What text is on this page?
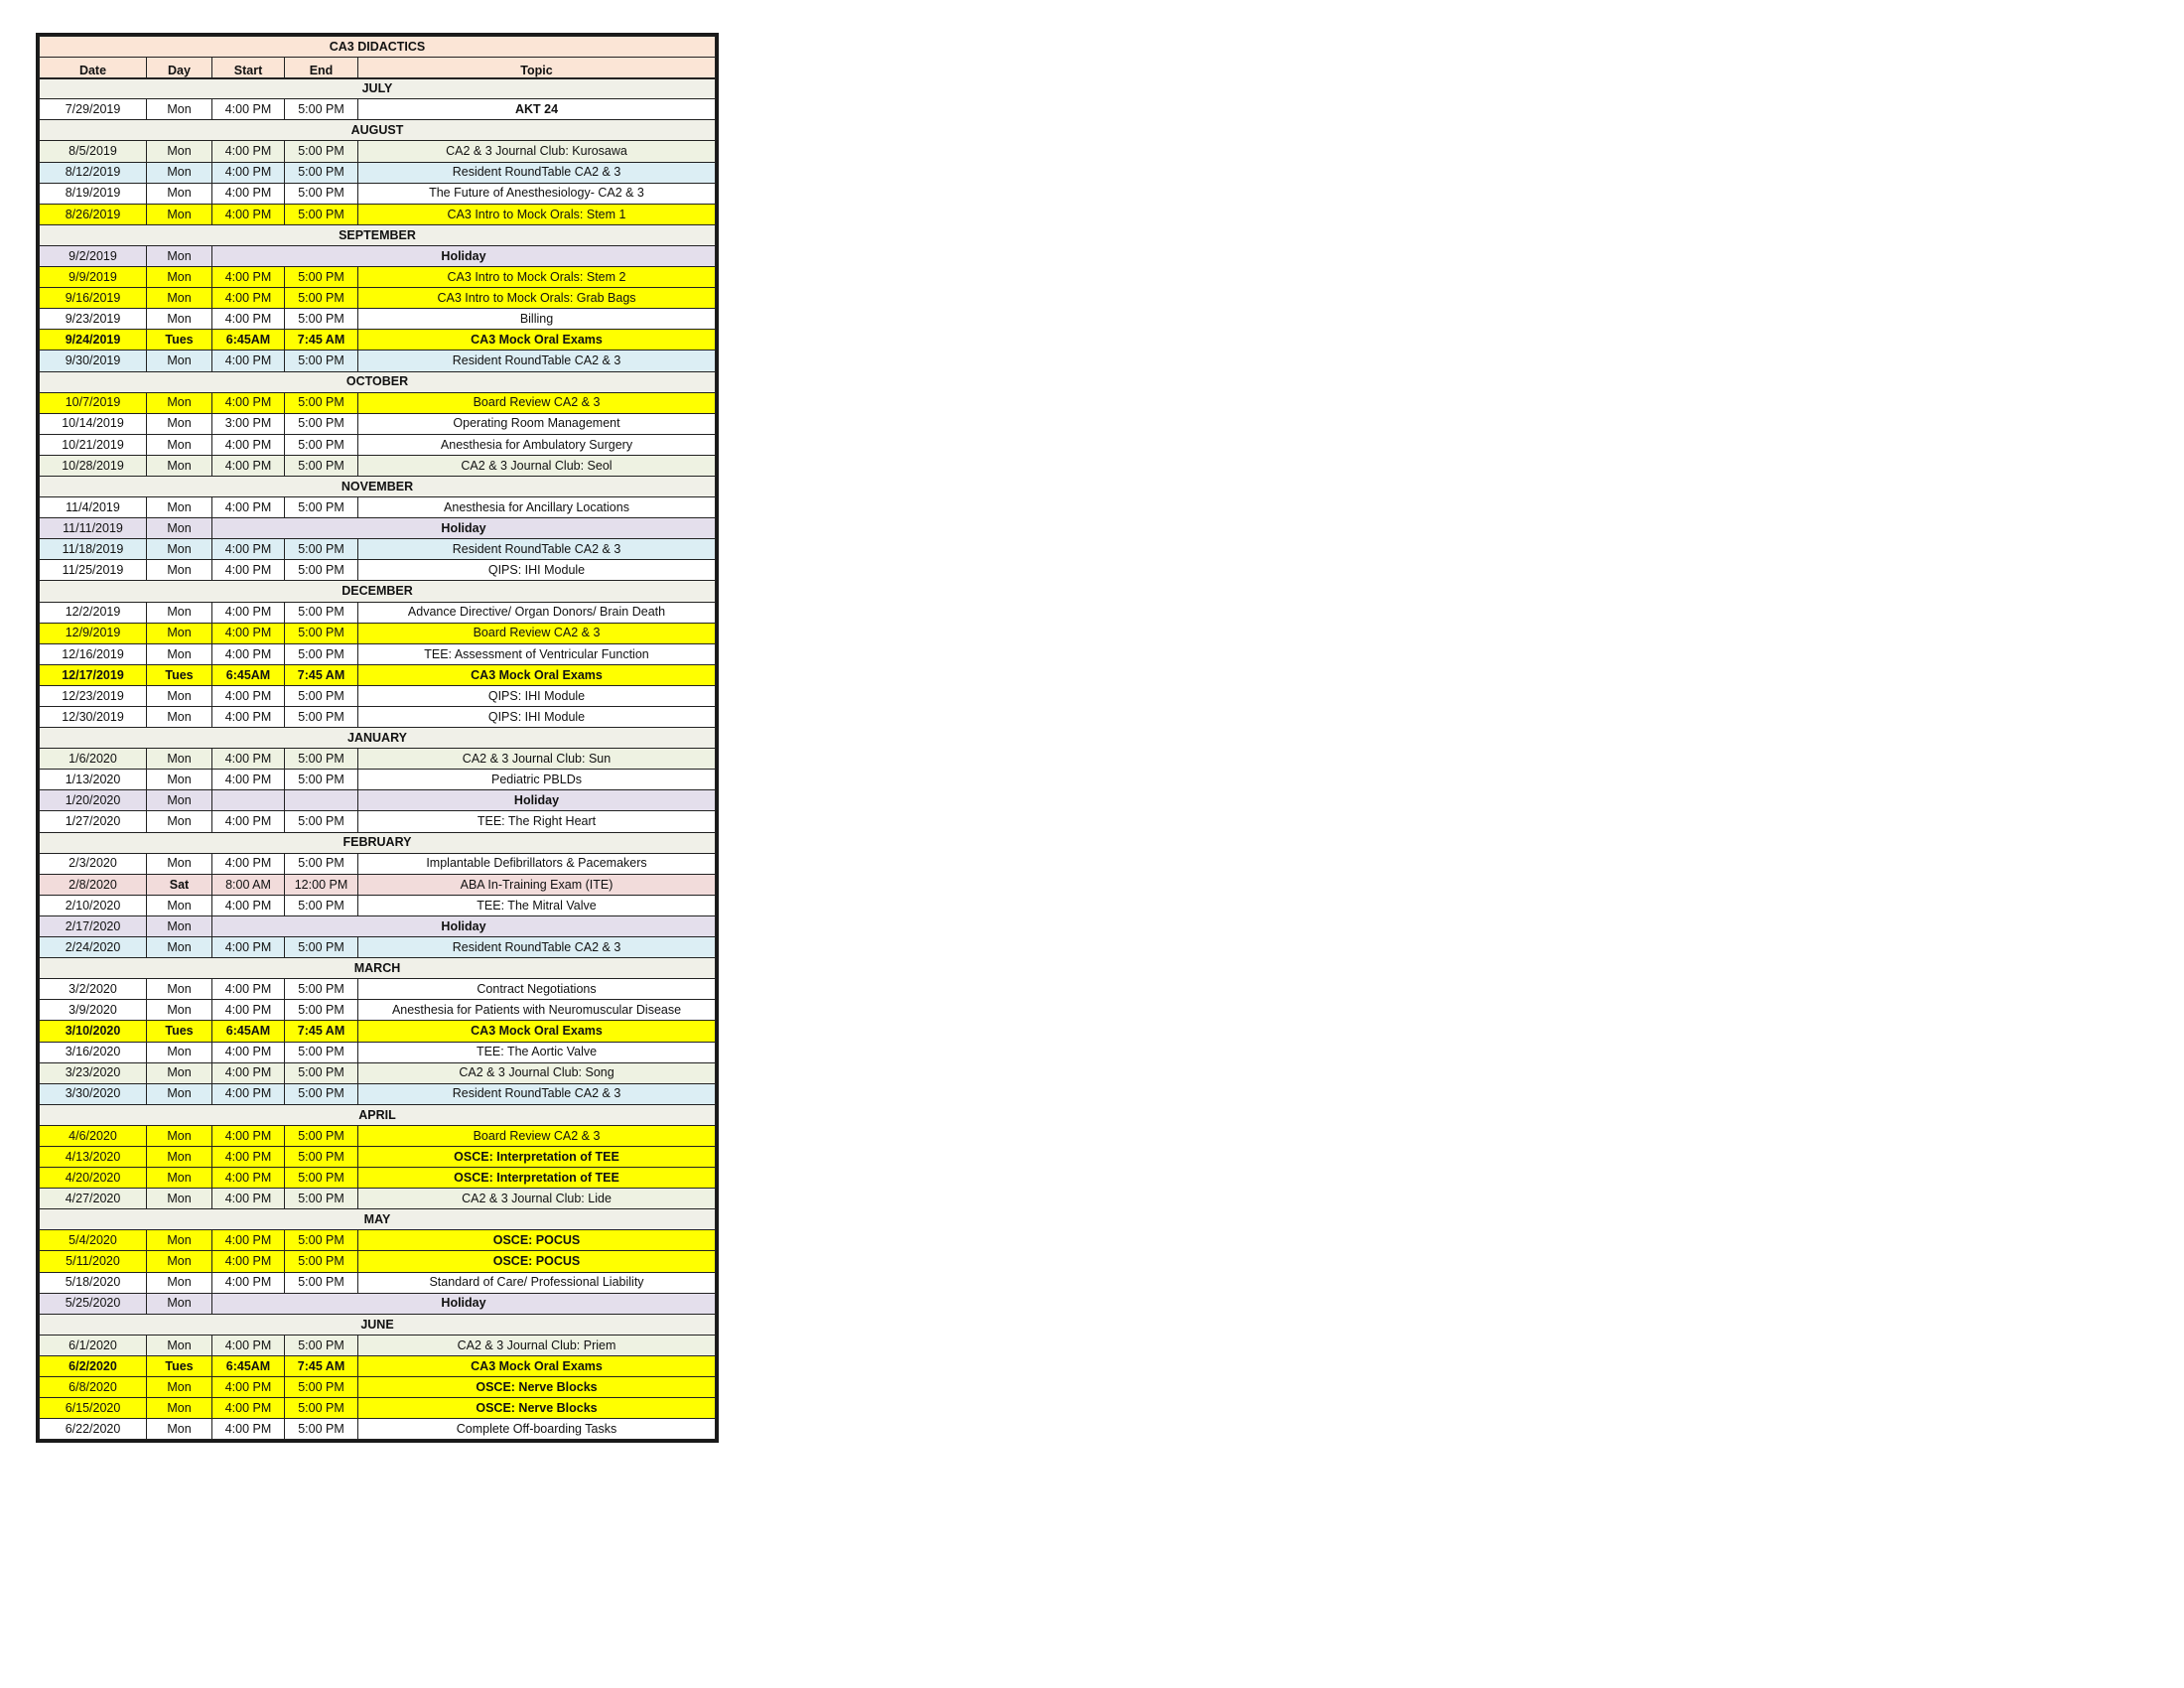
CA3 DIDACTICS				
Date	Day	Start	End	Topic
JULY				
7/29/2019	Mon	4:00 PM	5:00 PM	AKT 24
AUGUST				
8/5/2019	Mon	4:00 PM	5:00 PM	CA2 & 3 Journal Club: Kurosawa
8/12/2019	Mon	4:00 PM	5:00 PM	Resident RoundTable CA2 & 3
8/19/2019	Mon	4:00 PM	5:00 PM	The Future of Anesthesiology- CA2 & 3
8/26/2019	Mon	4:00 PM	5:00 PM	CA3 Intro to Mock Orals: Stem 1
SEPTEMBER				
9/2/2019	Mon	Holiday		
9/9/2019	Mon	4:00 PM	5:00 PM	CA3 Intro to Mock Orals: Stem 2
9/16/2019	Mon	4:00 PM	5:00 PM	CA3 Intro to Mock Orals: Grab Bags
9/23/2019	Mon	4:00 PM	5:00 PM	Billing
9/24/2019	Tues	6:45AM	7:45 AM	CA3 Mock Oral Exams
9/30/2019	Mon	4:00 PM	5:00 PM	Resident RoundTable CA2 & 3
OCTOBER				
10/7/2019	Mon	4:00 PM	5:00 PM	Board Review CA2 & 3
10/14/2019	Mon	3:00 PM	5:00 PM	Operating Room Management
10/21/2019	Mon	4:00 PM	5:00 PM	Anesthesia for Ambulatory Surgery
10/28/2019	Mon	4:00 PM	5:00 PM	CA2 & 3 Journal Club: Seol
NOVEMBER				
11/4/2019	Mon	4:00 PM	5:00 PM	Anesthesia for Ancillary Locations
11/11/2019	Mon	Holiday		
11/18/2019	Mon	4:00 PM	5:00 PM	Resident RoundTable CA2 & 3
11/25/2019	Mon	4:00 PM	5:00 PM	QIPS: IHI Module
DECEMBER				
12/2/2019	Mon	4:00 PM	5:00 PM	Advance Directive/ Organ Donors/ Brain Death
12/9/2019	Mon	4:00 PM	5:00 PM	Board Review CA2 & 3
12/16/2019	Mon	4:00 PM	5:00 PM	TEE: Assessment of Ventricular Function
12/17/2019	Tues	6:45AM	7:45 AM	CA3 Mock Oral Exams
12/23/2019	Mon	4:00 PM	5:00 PM	QIPS: IHI Module
12/30/2019	Mon	4:00 PM	5:00 PM	QIPS: IHI Module
JANUARY				
1/6/2020	Mon	4:00 PM	5:00 PM	CA2 & 3 Journal Club: Sun
1/13/2020	Mon	4:00 PM	5:00 PM	Pediatric PBLDs
1/20/2020	Mon			Holiday
1/27/2020	Mon	4:00 PM	5:00 PM	TEE: The Right Heart
FEBRUARY				
2/3/2020	Mon	4:00 PM	5:00 PM	Implantable Defibrillators & Pacemakers
2/8/2020	Sat	8:00 AM	12:00 PM	ABA In-Training Exam (ITE)
2/10/2020	Mon	4:00 PM	5:00 PM	TEE: The Mitral Valve
2/17/2020	Mon	Holiday		
2/24/2020	Mon	4:00 PM	5:00 PM	Resident RoundTable CA2 & 3
MARCH				
3/2/2020	Mon	4:00 PM	5:00 PM	Contract Negotiations
3/9/2020	Mon	4:00 PM	5:00 PM	Anesthesia for Patients with Neuromuscular Disease
3/10/2020	Tues	6:45AM	7:45 AM	CA3 Mock Oral Exams
3/16/2020	Mon	4:00 PM	5:00 PM	TEE: The Aortic Valve
3/23/2020	Mon	4:00 PM	5:00 PM	CA2 & 3 Journal Club: Song
3/30/2020	Mon	4:00 PM	5:00 PM	Resident RoundTable CA2 & 3
APRIL				
4/6/2020	Mon	4:00 PM	5:00 PM	Board Review CA2 & 3
4/13/2020	Mon	4:00 PM	5:00 PM	OSCE: Interpretation of TEE
4/20/2020	Mon	4:00 PM	5:00 PM	OSCE: Interpretation of TEE
4/27/2020	Mon	4:00 PM	5:00 PM	CA2 & 3 Journal Club: Lide
MAY				
5/4/2020	Mon	4:00 PM	5:00 PM	OSCE: POCUS
5/11/2020	Mon	4:00 PM	5:00 PM	OSCE: POCUS
5/18/2020	Mon	4:00 PM	5:00 PM	Standard of Care/ Professional Liability
5/25/2020	Mon	Holiday		
JUNE				
6/1/2020	Mon	4:00 PM	5:00 PM	CA2 & 3 Journal Club: Priem
6/2/2020	Tues	6:45AM	7:45 AM	CA3 Mock Oral Exams
6/8/2020	Mon	4:00 PM	5:00 PM	OSCE: Nerve Blocks
6/15/2020	Mon	4:00 PM	5:00 PM	OSCE: Nerve Blocks
6/22/2020	Mon	4:00 PM	5:00 PM	Complete Off-boarding Tasks
